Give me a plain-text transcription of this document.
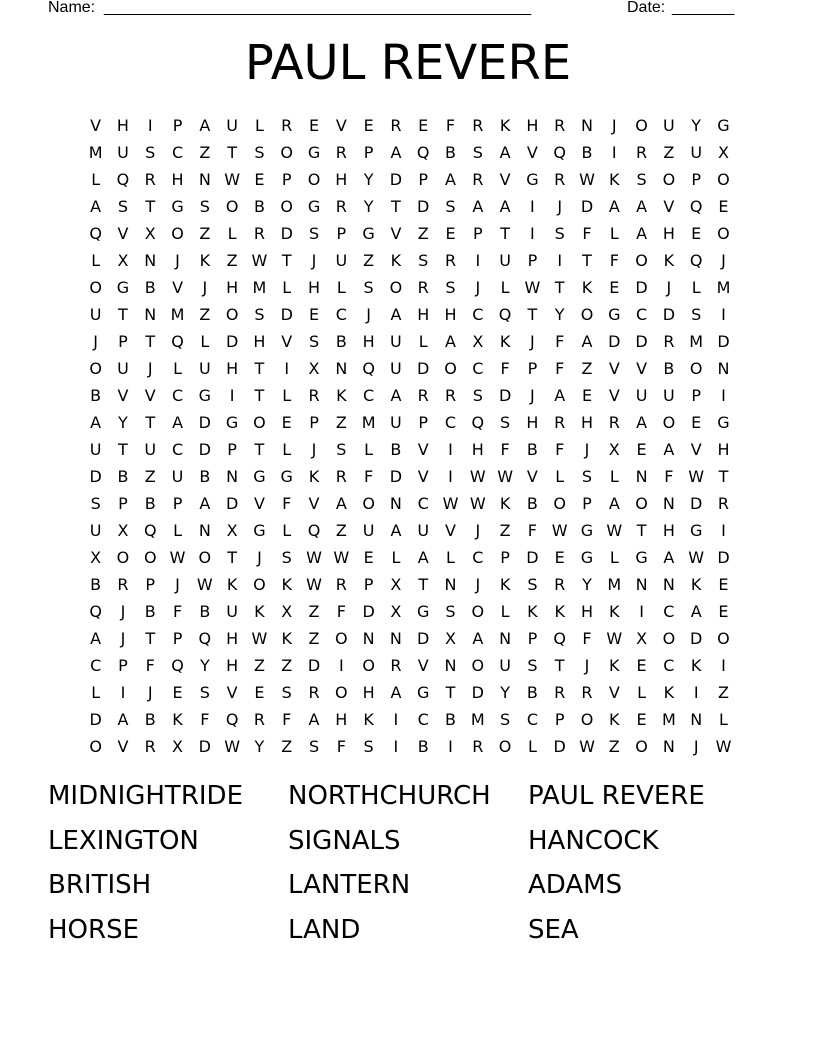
Name: ________________________________________________	Date: _______
PAUL REVERE
V H	I	P	A U	L	R	E	V	E	R	E	F	R	K	H R N	J	O U	Y	G
M U	S	C	Z	T	S O G R	P	A Q B	S	A	V Q B	I	R	Z U X
L	Q R H N W E	P	O H	Y	D	P	A	R	V G R W K	S O	P	O
A	S	T	G	S O B O G R	Y	T	D	S	A	A	I	J	D A	A	V Q E
Q V	X O Z	L	R D	S	P	G V	Z	E	P	T	I	S	F	L	A H	E O
L	X N	J	K	Z W T	J	U Z	K	S	R	I	U	P	I	T	F	O K Q	J
O G B	V	J	H M L	H	L	S O R	S	J	L W T	K	E	D	J	L M
U	T	N M Z O S	D	E	C	J	A H H C Q	T	Y	O G C D	S	I
J	P	T	Q	L	D H V	S	B H U	L	A	X	K	J	F	A D D R M D
O U	J	L	U H	T	I	X N Q U D O C	F	P	F	Z	V	V	B O N
B	V	V	C G	I	T	L	R	K	C	A	R	R	S	D	J	A	E	V U U	P	I
A	Y	T	A D G O E	P	Z M U	P	C Q S	H R H R	A O E	G
U	T	U C D	P	T	L	J	S	L	B	V	I	H	F	B	F	J	X	E	A	V H
D B	Z U B N G G K	R	F	D V	I	W W V	L	S	L	N	F W T
S	P	B	P	A D V	F	V	A O N C W W K	B O	P	A O N D R
U X Q	L	N X G	L	Q Z U A U V	J	Z	F W G W T	H G	I
X O O W O	T	J	S W W E	L	A	L	C	P	D	E	G	L	G A W D
B	R	P	J	W K O K W R	P	X	T	N	J	K	S	R	Y M N N	K	E
Q	J	B	F	B U	K	X	Z	F	D X G	S O	L	K	K	H	K	I	C	A	E
A	J	T	P	Q H W K	Z O N N D X	A N	P	Q	F W X O D O
C	P	F	Q	Y	H Z	Z D	I	O R	V N O U	S	T	J	K	E	C	K	I
L	I	J	E	S	V	E	S	R O H A G	T	D	Y	B	R	R	V	L	K	I	Z
D A	B	K	F	Q R	F	A H	K	I	C	B M S	C	P	O K	E M N	L
O V	R	X D W Y	Z	S	F	S	I	B	I	R O	L	D W Z O N	J	W
MIDNIGHTRIDE	NORTHCHURCH	PAUL REVERE
LEXINGTON	SIGNALS	HANCOCK
BRITISH	LANTERN	ADAMS
HORSE	LAND	SEA
